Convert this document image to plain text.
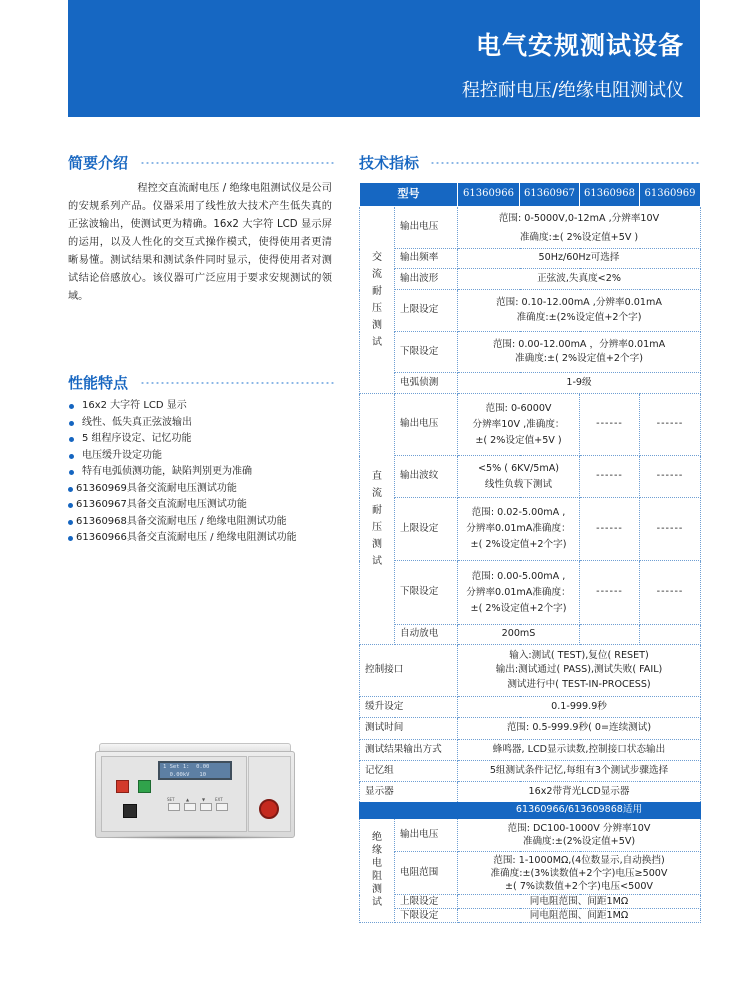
电气安规测试设备
程控耐电压/绝缘电阻测试仪
简要介绍
程控交直流耐电压 / 绝缘电阻测试仪是公司的安规系列产品。仪器采用了线性放大技术产生低失真的正弦波输出，使测试更为精确。16x2 大字符 LCD 显示屏的运用，以及人性化的交互式操作模式，使得使用者更清晰易懂。测试结果和测试条件同时显示，使得使用者对测试结论倍感放心。该仪器可广泛应用于要求安规测试的领域。
性能特点
16x2 大字符 LCD 显示
线性、低失真正弦波输出
5 组程序设定、记忆功能
电压缓升设定功能
特有电弧侦测功能，缺陷判别更为准确
61360969具备交流耐电压测试功能
61360967具备交直流耐电压测试功能
61360968具备交流耐电压 / 绝缘电阻测试功能
61360966具备交直流耐电压 / 绝缘电阻测试功能
1 Set 1:  0.00
0.00kV   10
SET	▲	▼ EXT
技术指标
型号		61360966	61360967	61360968	61360969
交流耐压测试	输出电压	范围: 0-5000V,0-12mA ,分辨率10V
准确度:±( 2%设定值+5V )			

	输出频率	50Hz/60Hz可选择			
	输出波形	正弦波,失真度<2%			
	上限设定	范围: 0.10-12.00mA ,分辨率0.01mA
准确度:±(2%设定值+2个字)			

	下限设定	范围: 0.00-12.00mA ，分辨率0.01mA
准确度:±( 2%设定值+2个字)			

	电弧侦测	1-9级			
直流耐压测试	输出电压	范围: 0-6000V
分辨率10V ,准确度：
±( 2%设定值+5V )		------	------
	输出波纹	<5% ( 6KV/5mA)
线性负载下测试		------	------
	上限设定	范围: 0.02-5.00mA ,
分辨率0.01mA准确度：
±( 2%设定值+2个字)		------	------
	下限设定	范围: 0.00-5.00mA ,
分辨率0.01mA准确度：
±( 2%设定值+2个字)		------	------
	自动放电	200mS			
控制接口		输入:测试( TEST),复位( RESET)
输出:测试通过( PASS),测试失败( FAIL)
测试进行中( TEST-IN-PROCESS)			

缓升设定		0.1-999.9秒			
测试时间		范围: 0.5-999.9秒( 0=连续测试)			
测试结果输出方式		蜂鸣器, LCD显示读数,控制接口状态输出			
记忆组		5组测试条件记忆,每组有3个测试步骤选择			
显示器		16x2带背光LCD显示器			
		61360966/613609868适用			
绝缘电阻测试	输出电压	范围: DC100-1000V 分辨率10V
准确度:±(2%设定值+5V)			

	电阻范围	范围: 1-1000MΩ,(4位数显示,自动换挡)
准确度:±(3%读数值+2个字)电压≥500V
±( 7%读数值+2个字)电压<500V			

	上限设定	同电阻范围、间距1MΩ			
	下限设定	同电阻范围、间距1MΩ			
